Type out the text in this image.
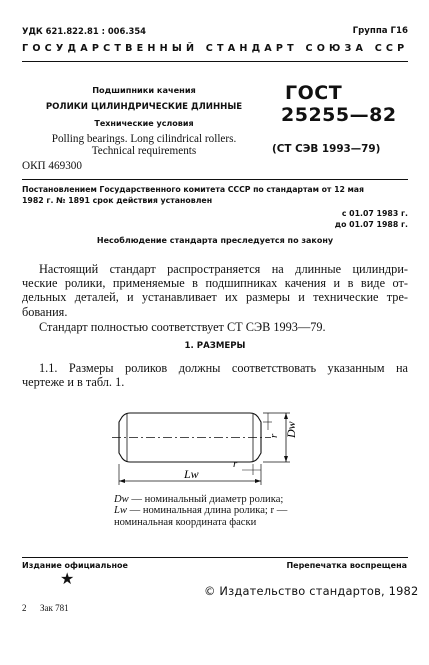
УДК 621.822.81 : 006.354	Группа Г16
ГОСУДАРСТВЕННЫЙ СТАНДАРТ СОЮЗА ССР
Подшипники качения
РОЛИКИ ЦИЛИНДРИЧЕСКИЕ ДЛИННЫЕ
Технические условия
Polling bearings. Long cilindrical rollers.
Technical requirements
ОКП 469300
ГОСТ
25255—82
(СТ СЭВ 1993—79)
Постановлением Государственного комитета СССР по стандартам от 12 мая
1982 г. № 1891 срок действия установлен
с 01.07 1983 г.
до 01.07 1988 г.
Несоблюдение стандарта преследуется по закону
Настоящий стандарт распространяется на длинные цилиндри-
ческие ролики, применяемые в подшипниках качения и в виде от-
дельных деталей, и устанавливает их размеры и технические тре-
бования.
Стандарт полностью соответствует СТ СЭВ 1993—79.
1. РАЗМЕРЫ
1.1. Размеры роликов должны соответствовать указанным на
чертеже и в табл. 1.
Dw
r
r
Lw
Dw — номинальный диаметр ролика;
Lw — номинальная длина ролика; r —
номинальная координата фаски
Издание официальное	Перепечатка воспрещена
★
© Издательство стандартов, 1982
2 Зак 781
